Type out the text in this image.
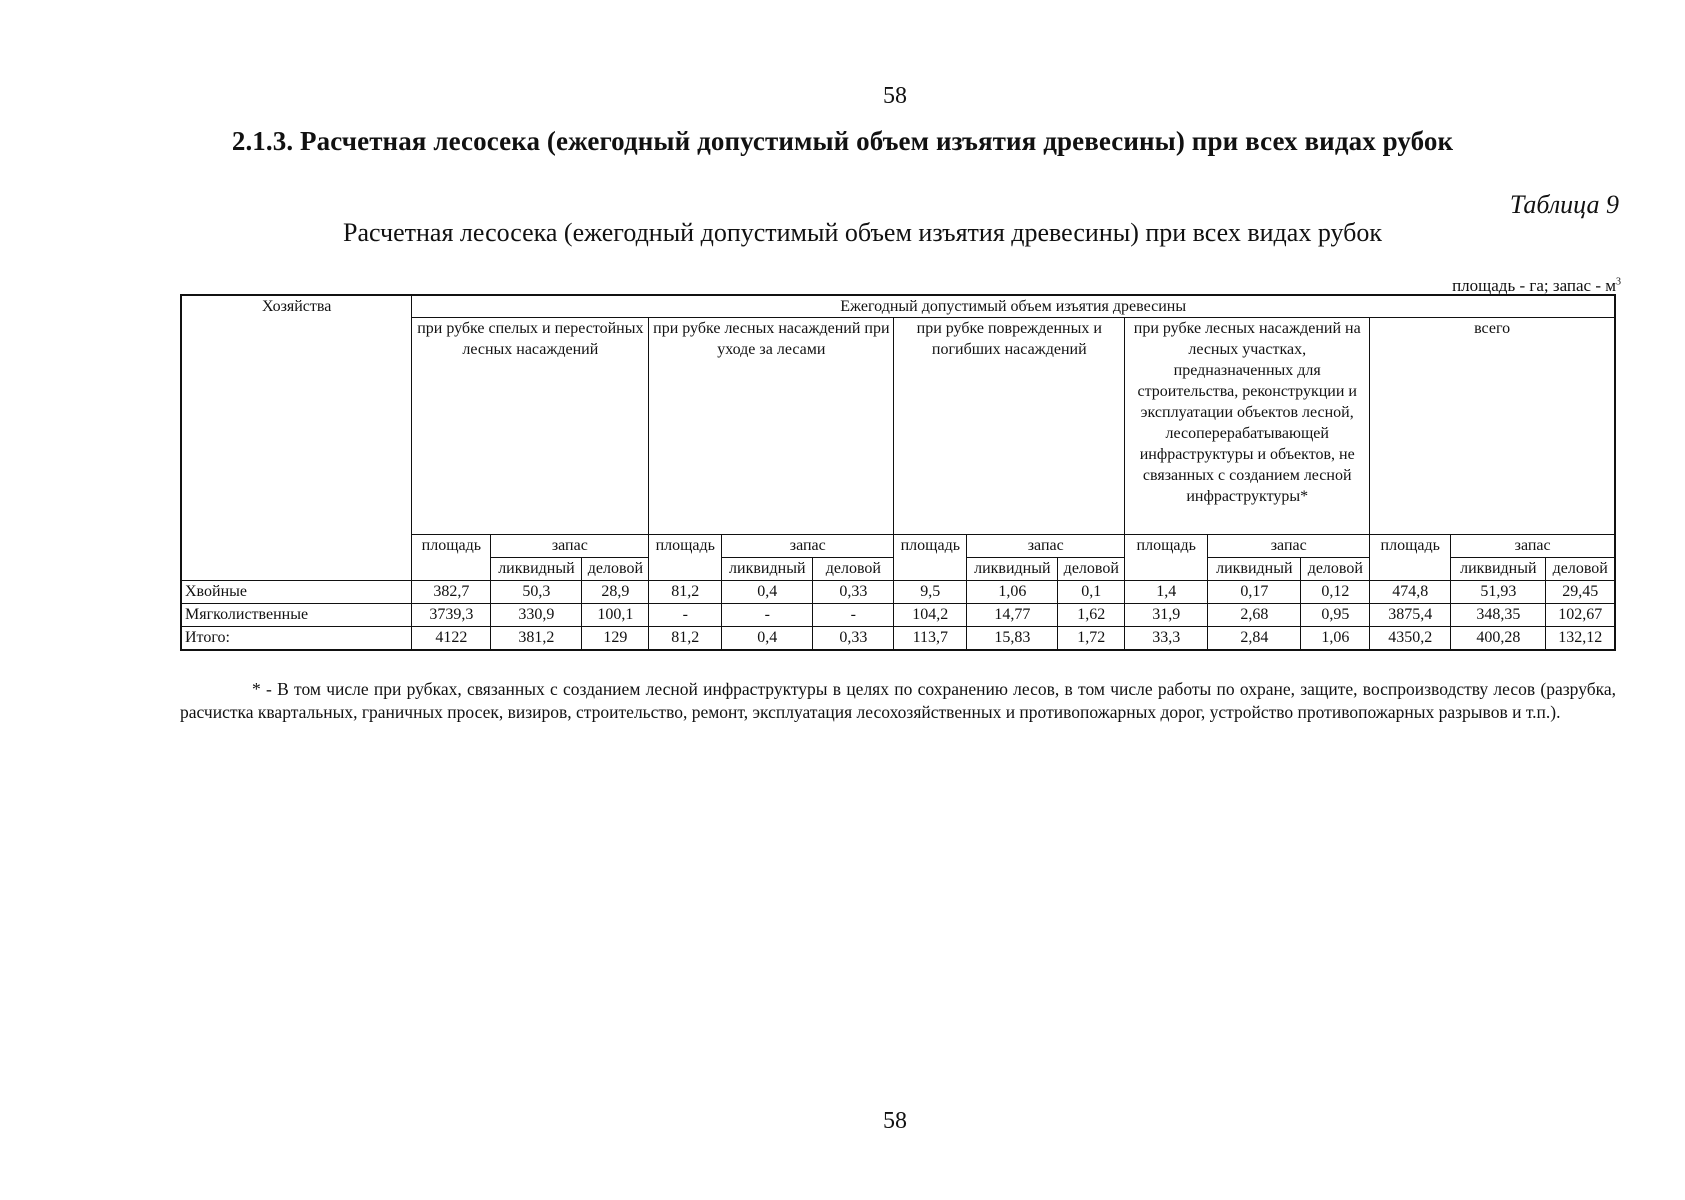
58
2.1.3. Расчетная лесосека (ежегодный допустимый объем изъятия древесины) при всех видах рубок
Таблица 9
Расчетная лесосека (ежегодный допустимый объем изъятия древесины) при всех видах рубок
площадь - га; запас - $м^3$
Хозяйства	Ежегодный допустимый объем изъятия древесины														
	при рубке спелых и перестойных лесных насаждений			при рубке лесных насаждений при уходе за лесами			при рубке поврежденных и погибших насаждений			при рубке лесных насаждений на лесных участках, предназначенных для строительства, реконструкции и эксплуатации объектов лесной, лесоперерабатывающей инфраструктуры и объектов, не связанных с созданием лесной инфраструктуры*			всего		
	площадь	запас		площадь	запас		площадь	запас		площадь	запас		площадь	запас	
		ликвидный	деловой		ликвидный	деловой		ликвидный	деловой		ликвидный	деловой		ликвидный	деловой
Хвойные	382,7	50,3	28,9	81,2	0,4	0,33	9,5	1,06	0,1	1,4	0,17	0,12	474,8	51,93	29,45
Мягколиственные	3739,3	330,9	100,1	-	-	-	104,2	14,77	1,62	31,9	2,68	0,95	3875,4	348,35	102,67
Итого:	4122	381,2	129	81,2	0,4	0,33	113,7	15,83	1,72	33,3	2,84	1,06	4350,2	400,28	132,12
* - В том числе при рубках, связанных с созданием лесной инфраструктуры в целях по сохранению лесов, в том числе работы по охране, защите, воспроизводству лесов (разрубка, расчистка квартальных, граничных просек, визиров, строительство, ремонт, эксплуатация лесохозяйственных и противопожарных дорог, устройство противопожарных разрывов и т.п.).
58
